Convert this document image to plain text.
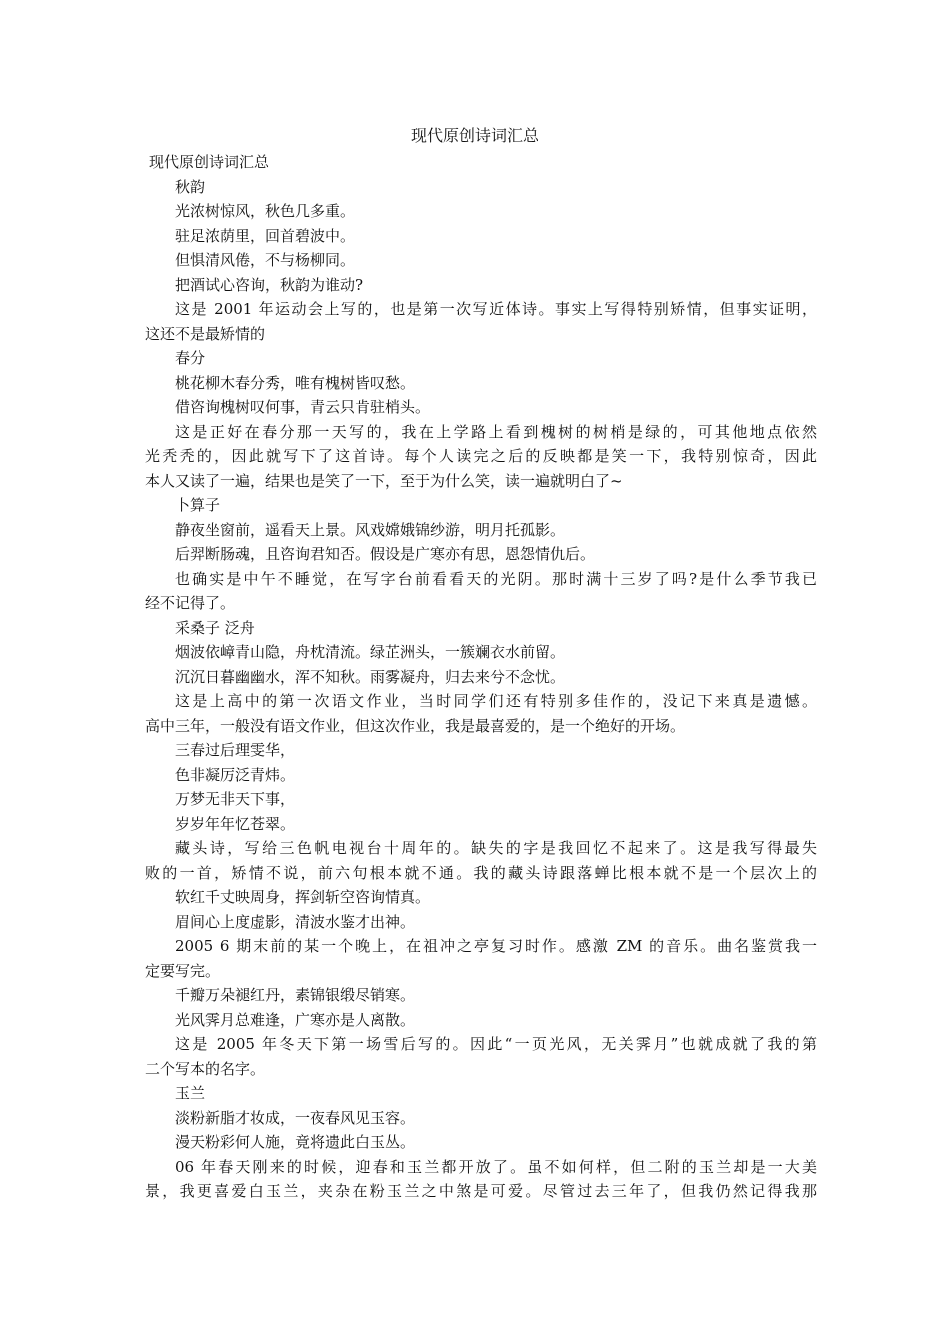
现代原创诗词汇总
现代原创诗词汇总
秋韵
光浓树惊风，秋色几多重。
驻足浓荫里，回首碧波中。
但惧清风倦，不与杨柳同。
把酒试心咨询，秋韵为谁动?
这是 2001 年运动会上写的，也是第一次写近体诗。事实上写得特别矫情，但事实证明，
这还不是最矫情的
春分
桃花柳木春分秀，唯有槐树皆叹愁。
借咨询槐树叹何事，青云只肯驻梢头。
这是正好在春分那一天写的，我在上学路上看到槐树的树梢是绿的，可其他地点依然
光秃秃的，因此就写下了这首诗。每个人读完之后的反映都是笑一下，我特别惊奇，因此
本人又读了一遍，结果也是笑了一下，至于为什么笑，读一遍就明白了~
卜算子
静夜坐窗前，遥看天上景。风戏嫦娥锦纱游，明月托孤影。
后羿断肠魂，且咨询君知否。假设是广寒亦有思，恩怨情仇后。
也确实是中午不睡觉，在写字台前看看天的光阴。那时满十三岁了吗?是什么季节我已
经不记得了。
采桑子 泛舟
烟波依嶂青山隐，舟枕清流。绿芷洲头，一簇斓衣水前留。
沉沉日暮幽幽水，浑不知秋。雨雾凝舟，归去来兮不念忧。
这是上高中的第一次语文作业，当时同学们还有特别多佳作的，没记下来真是遗憾。
高中三年，一般没有语文作业，但这次作业，我是最喜爱的，是一个绝好的开场。
三春过后理雯华，
色非凝厉泛青炜。
万梦无非天下事，
岁岁年年忆苍翠。
藏头诗，写给三色帆电视台十周年的。缺失的字是我回忆不起来了。这是我写得最失
败的一首，矫情不说，前六句根本就不通。我的藏头诗跟落蝉比根本就不是一个层次上的
软红千丈映周身，挥剑斩空咨询情真。
眉间心上度虚影，清波水鉴才出神。
2005 6 期末前的某一个晚上，在祖冲之亭复习时作。感激 ZM 的音乐。曲名鉴赏我一
定要写完。
千瓣万朵褪红丹，素锦银缎尽销寒。
光风霁月总难逢，广寒亦是人离散。
这是 2005 年冬天下第一场雪后写的。因此“一页光风，无关霁月”也就成就了我的第
二个写本的名字。
玉兰
淡粉新脂才妆成，一夜春风见玉容。
漫天粉彩何人施，竟将遗此白玉丛。
06 年春天刚来的时候，迎春和玉兰都开放了。虽不如何样，但二附的玉兰却是一大美
景，我更喜爱白玉兰，夹杂在粉玉兰之中煞是可爱。尽管过去三年了，但我仍然记得我那
